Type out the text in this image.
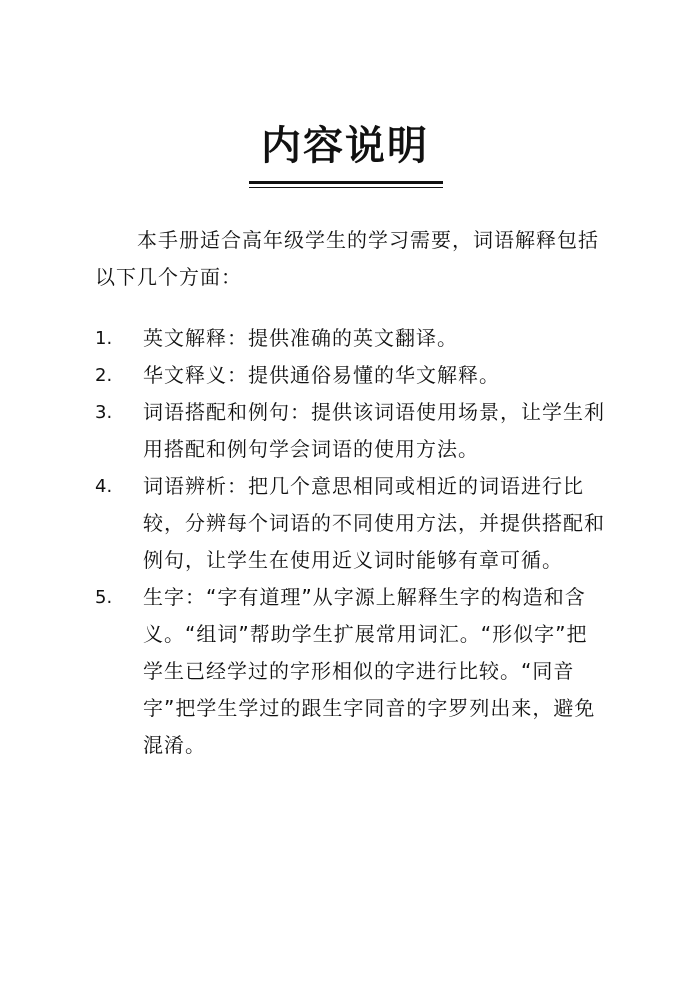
内容说明

本手册适合高年级学生的学习需要，词语解释包括以下几个方面：

1.	英文解释：提供准确的英文翻译。
2.	华文释义：提供通俗易懂的华文解释。
3.	词语搭配和例句：提供该词语使用场景，让学生利用搭配和例句学会词语的使用方法。
4.	词语辨析：把几个意思相同或相近的词语进行比较，分辨每个词语的不同使用方法，并提供搭配和例句，让学生在使用近义词时能够有章可循。
5.	生字：“字有道理”从字源上解释生字的构造和含义。“组词”帮助学生扩展常用词汇。“形似字”把学生已经学过的字形相似的字进行比较。“同音字”把学生学过的跟生字同音的字罗列出来，避免混淆。
